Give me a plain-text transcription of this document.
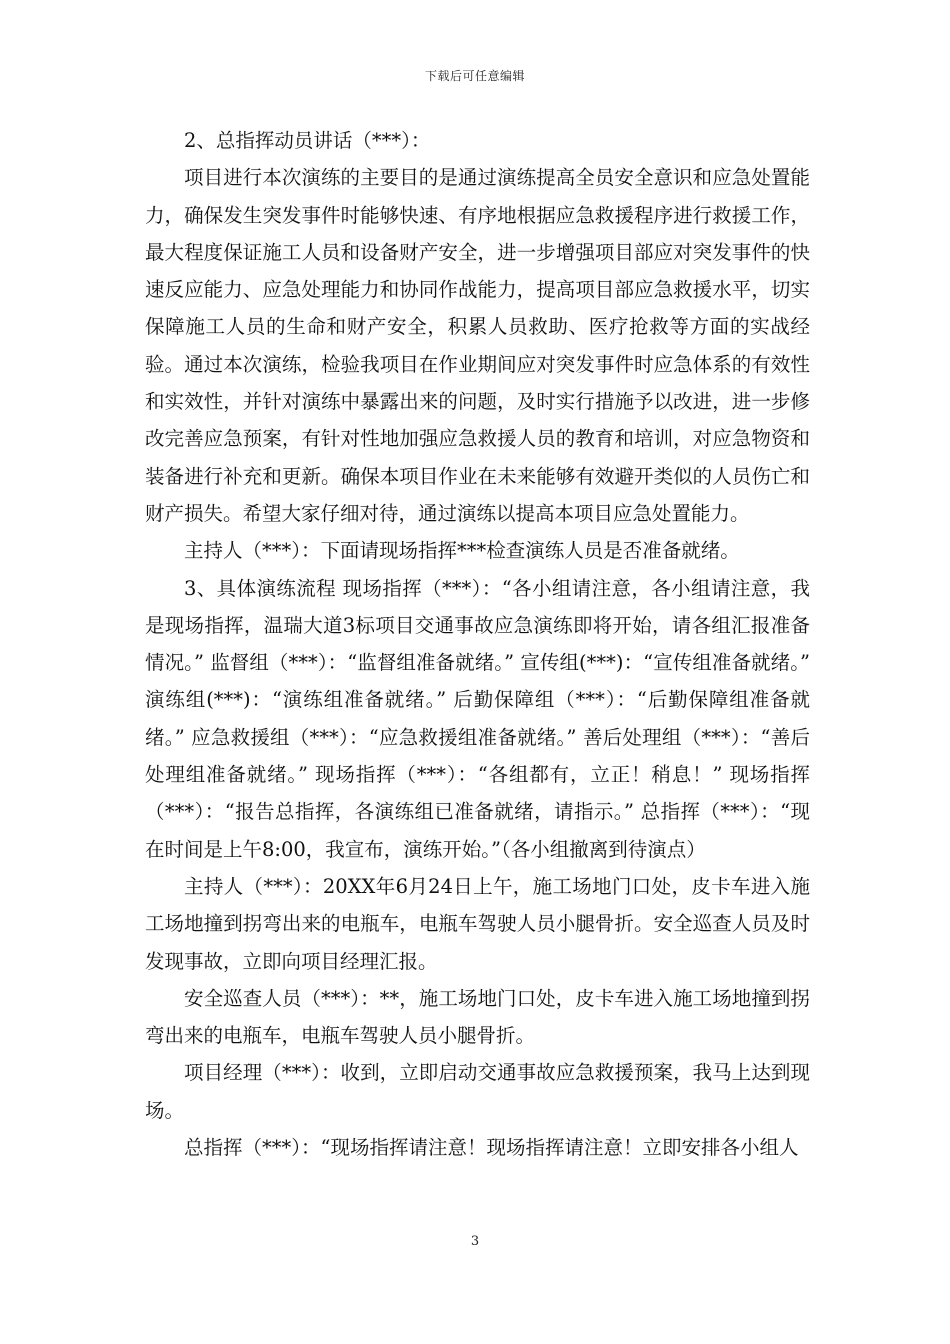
下载后可任意编辑

2、总指挥动员讲话（***）：

项目进行本次演练的主要目的是通过演练提高全员安全意识和应急处置能力，确保发生突发事件时能够快速、有序地根据应急救援程序进行救援工作，最大程度保证施工人员和设备财产安全，进一步增强项目部应对突发事件的快速反应能力、应急处理能力和协同作战能力，提高项目部应急救援水平，切实保障施工人员的生命和财产安全，积累人员救助、医疗抢救等方面的实战经验。通过本次演练，检验我项目在作业期间应对突发事件时应急体系的有效性和实效性，并针对演练中暴露出来的问题，及时实行措施予以改进，进一步修改完善应急预案，有针对性地加强应急救援人员的教育和培训，对应急物资和装备进行补充和更新。确保本项目作业在未来能够有效避开类似的人员伤亡和财产损失。希望大家仔细对待，通过演练以提高本项目应急处置能力。

主持人（***）：下面请现场指挥***检查演练人员是否准备就绪。

3、具体演练流程 现场指挥（***）：“各小组请注意，各小组请注意，我是现场指挥，温瑞大道3标项目交通事故应急演练即将开始，请各组汇报准备情况。” 监督组（***）：“监督组准备就绪。” 宣传组(***)：“宣传组准备就绪。” 演练组(***)：“演练组准备就绪。” 后勤保障组（***）：“后勤保障组准备就绪。” 应急救援组（***）：“应急救援组准备就绪。” 善后处理组（***）：“善后处理组准备就绪。” 现场指挥（***）：“各组都有，立正！稍息！” 现场指挥（***）：“报告总指挥，各演练组已准备就绪，请指示。” 总指挥（***）：“现在时间是上午8:00，我宣布，演练开始。”（各小组撤离到待演点）

主持人（***）：20XX年6月24日上午，施工场地门口处，皮卡车进入施工场地撞到拐弯出来的电瓶车，电瓶车驾驶人员小腿骨折。安全巡查人员及时发现事故，立即向项目经理汇报。

安全巡查人员（***）：**，施工场地门口处，皮卡车进入施工场地撞到拐弯出来的电瓶车，电瓶车驾驶人员小腿骨折。

项目经理（***）：收到，立即启动交通事故应急救援预案，我马上达到现场。

总指挥（***）：“现场指挥请注意！现场指挥请注意！立即安排各小组人

3
